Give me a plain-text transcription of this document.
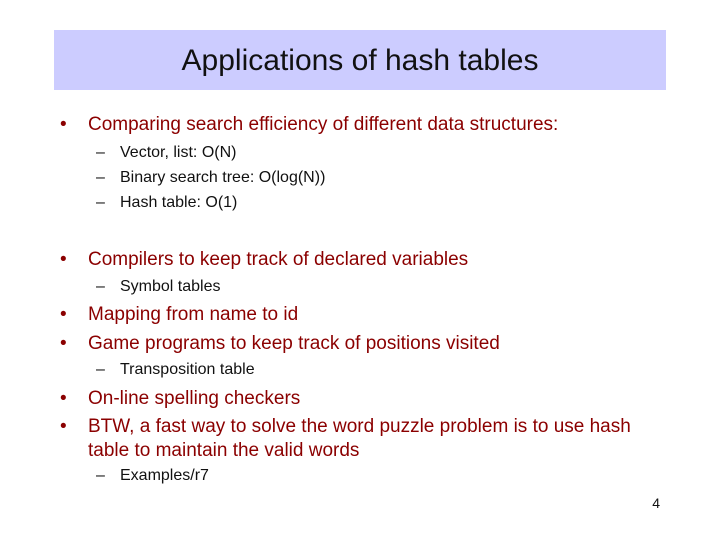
Applications of hash tables
• Comparing search efficiency of different data structures:
– Vector, list: O(N)
– Binary search tree: O(log(N))
– Hash table: O(1)
• Compilers to keep track of declared variables
– Symbol tables
• Mapping from name to id
• Game programs to keep track of positions visited
– Transposition table
• On-line spelling checkers
• BTW, a fast way to solve the word puzzle problem is to use hash
table to maintain the valid words
– Examples/r7
4
